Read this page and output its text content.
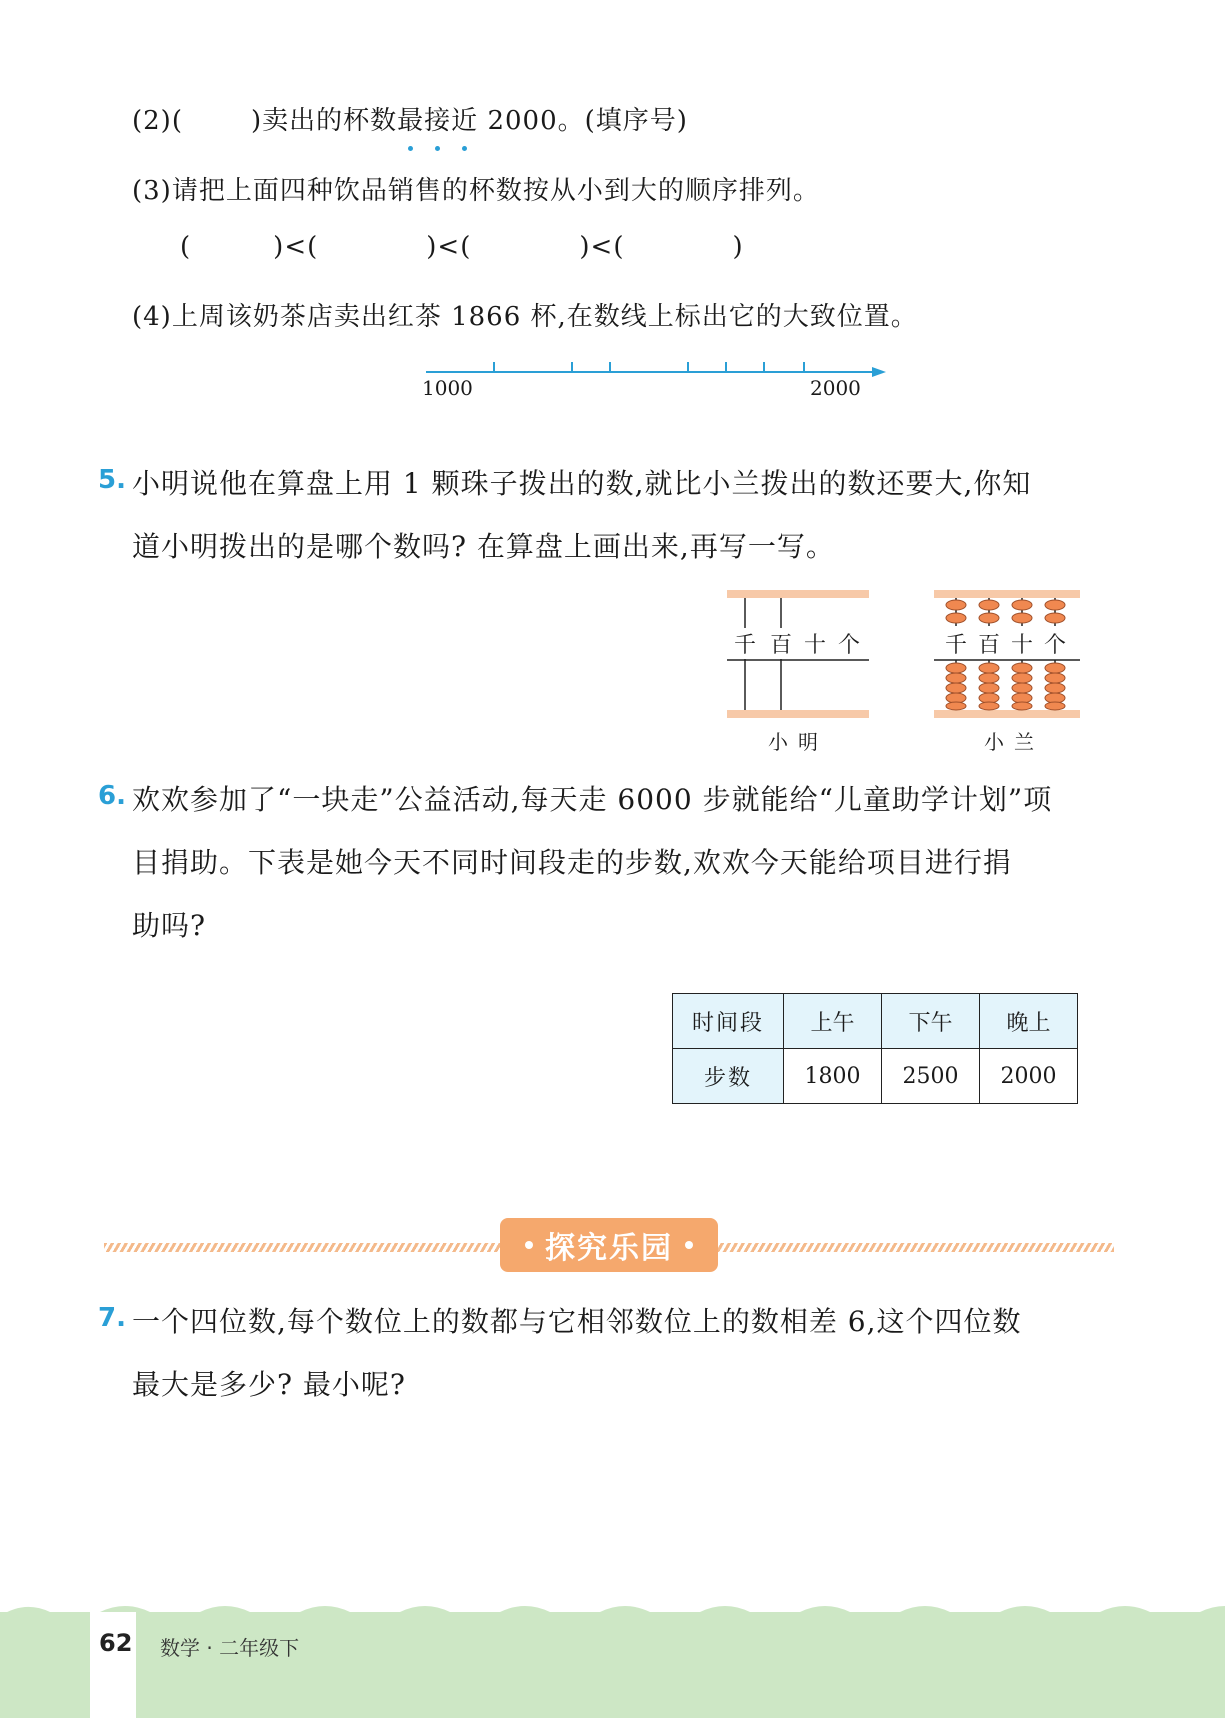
(2)(	)卖出的杯数最接近 2000。(填序号)
(3)请把上面四种饮品销售的杯数按从小到大的顺序排列。
(	)<(	)<(	)<(	)
(4)上周该奶茶店卖出红茶 1866 杯,在数线上标出它的大致位置。
1000	2000
5. 小明说他在算盘上用 1 颗珠子拨出的数,就比小兰拨出的数还要大,你知
道小明拨出的是哪个数吗? 在算盘上画出来,再写一写。
千 百 十 个
小明
千 百 十 个
小兰
6. 欢欢参加了“一块走”公益活动,每天走 6000 步就能给“儿童助学计划”项
目捐助。下表是她今天不同时间段走的步数,欢欢今天能给项目进行捐
助吗?
时间段	上午	下午	晚上
步数	1800	2500	2000
探究乐园
7. 一个四位数,每个数位上的数都与它相邻数位上的数相差 6,这个四位数
最大是多少? 最小呢?
62 数学 · 二年级下
